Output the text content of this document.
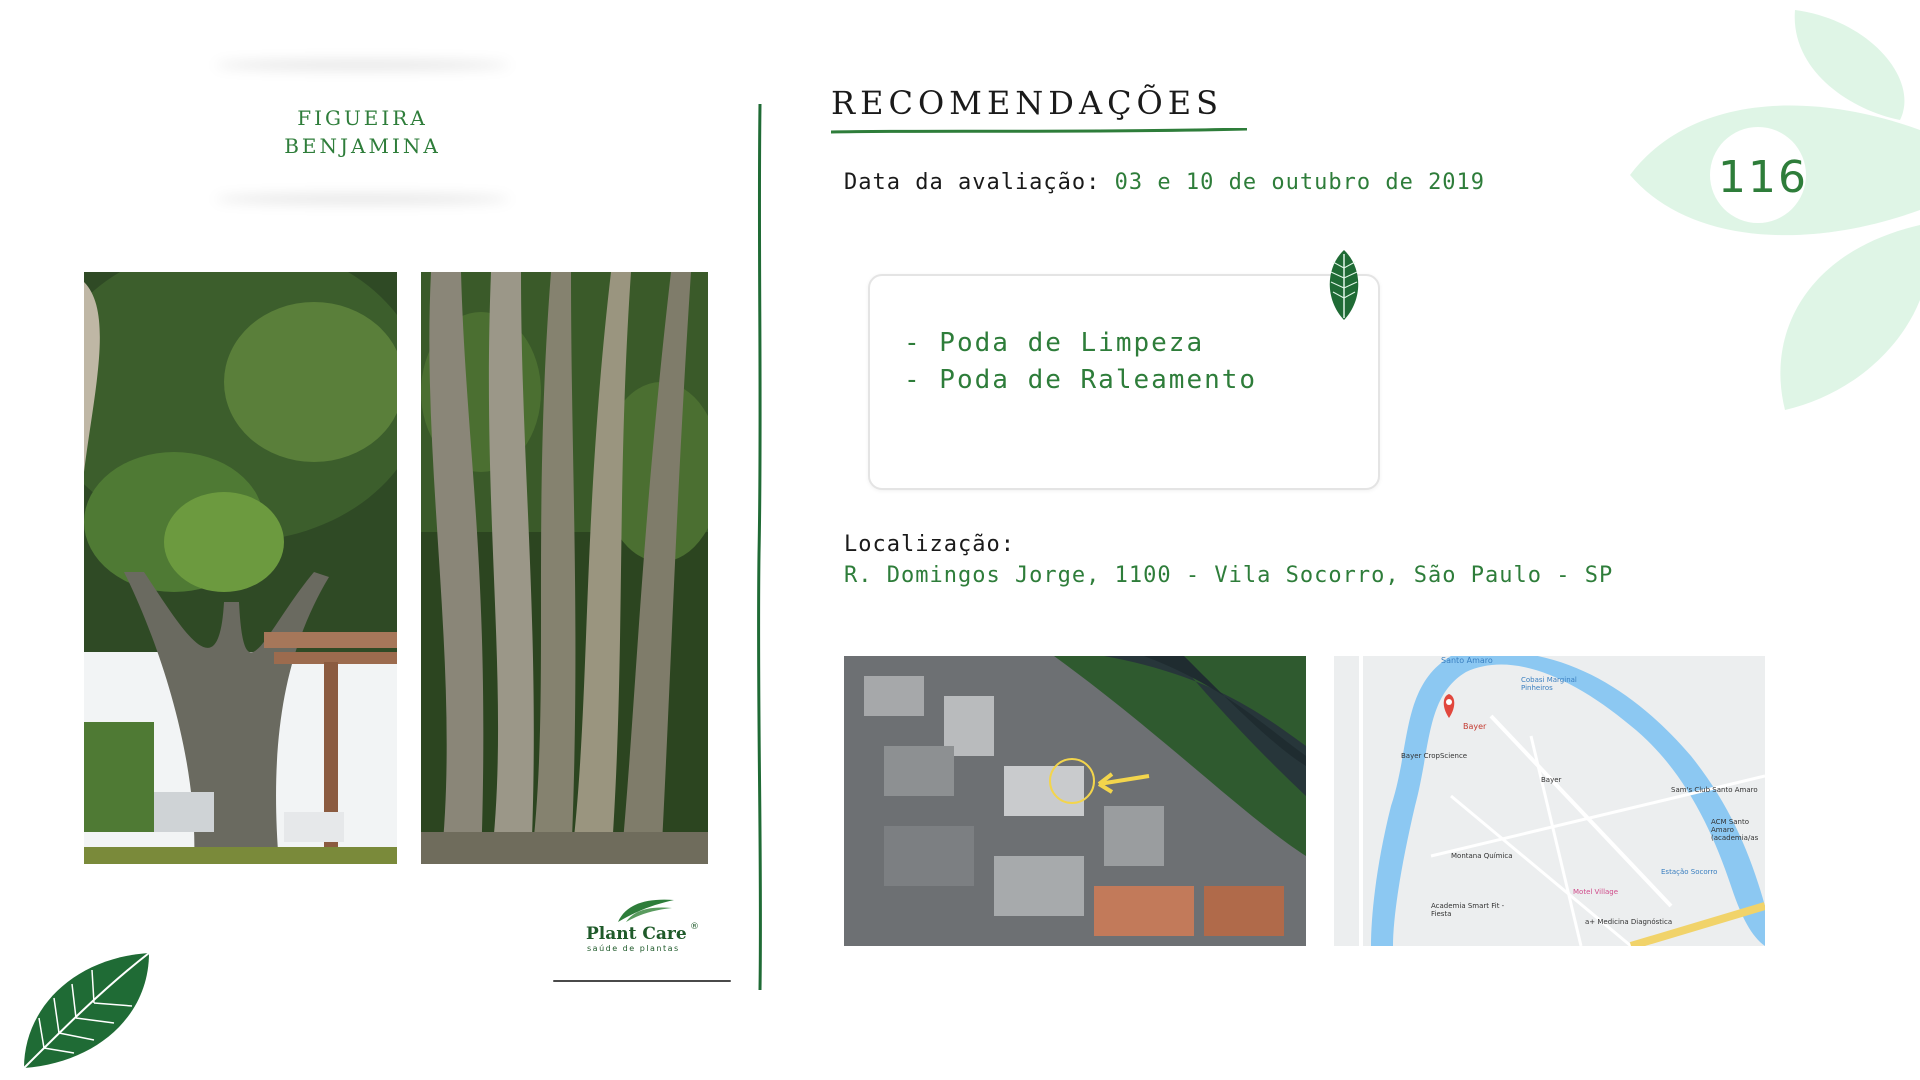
116
FIGUEIRA
BENJAMINA
Plant Care ®
saúde de plantas
RECOMENDAÇÕES
Data da avaliação: 03 e 10 de outubro de 2019
- Poda de Limpeza
- Poda de Raleamento
Localização:
R. Domingos Jorge, 1100 - Vila Socorro, São Paulo - SP
Bayer
Santo Amaro
Cobasi Marginal Pinheiros
Bayer CropScience
Bayer
Montana Química
Academia Smart Fit - Fiesta
Motel Village
Estação Socorro
a+ Medicina Diagnóstica
Sam's Club Santo Amaro
ACM Santo Amaro (academia/as
